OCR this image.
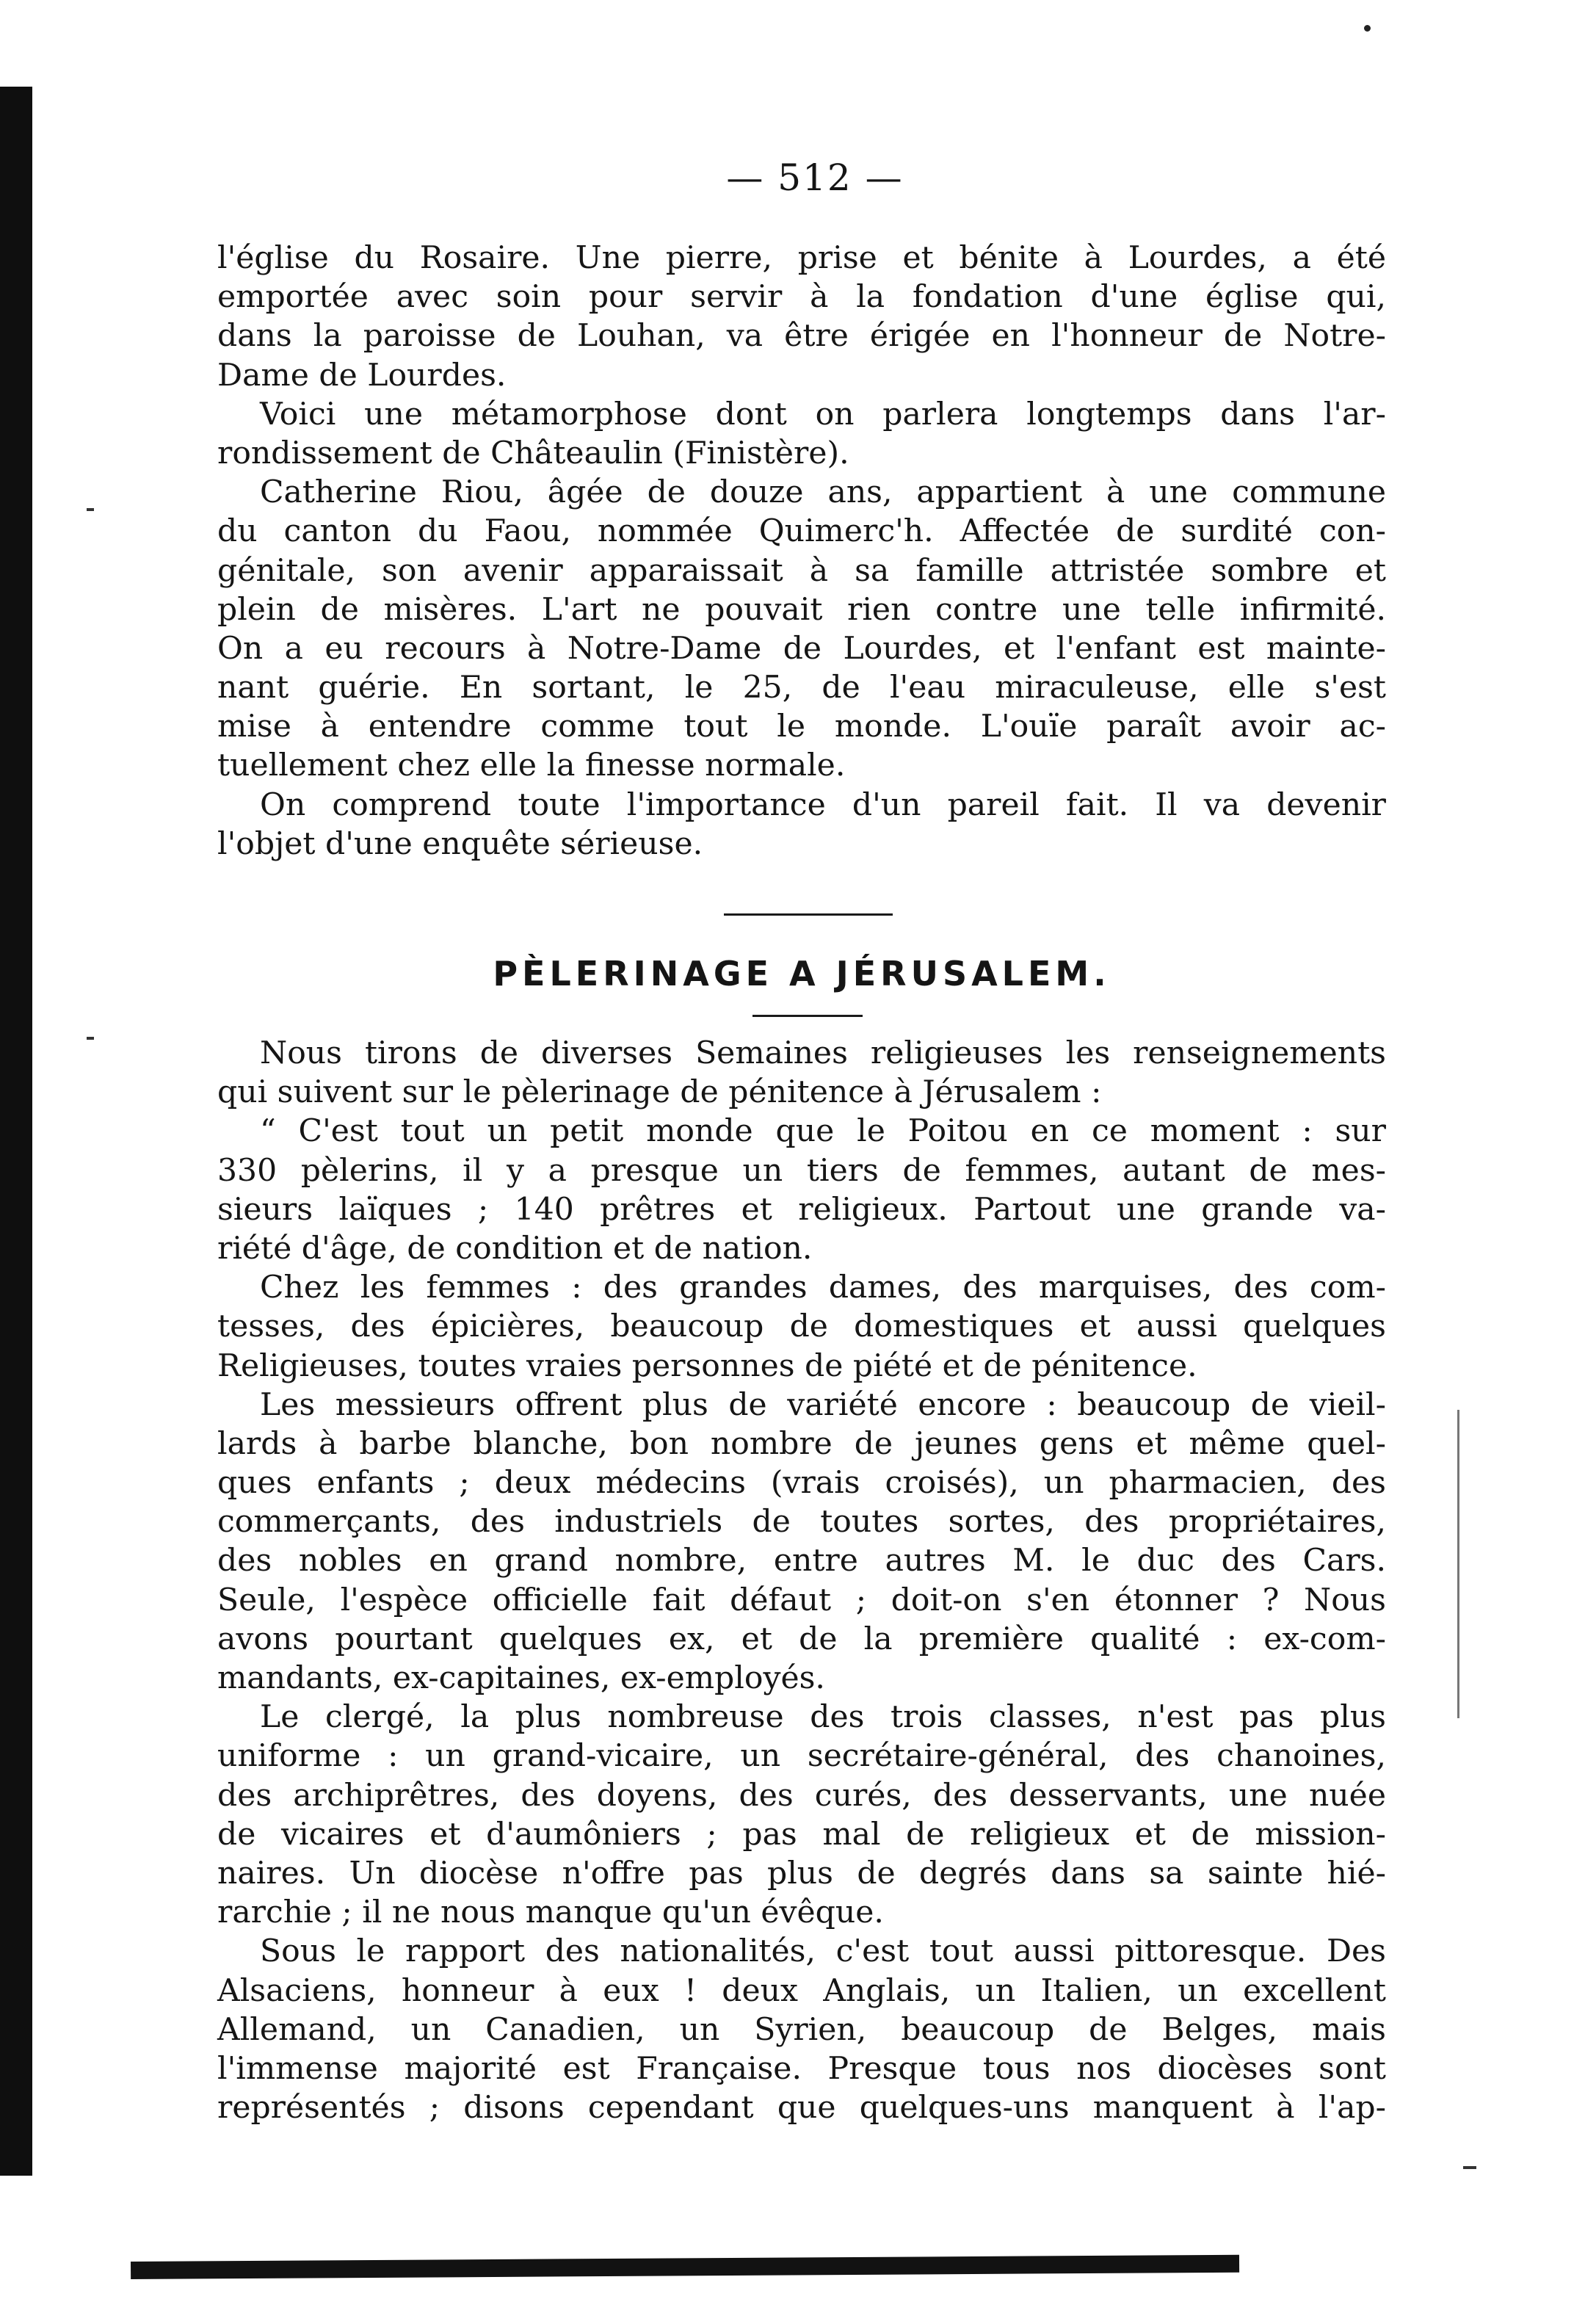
— 512 —
l'église du Rosaire. Une pierre, prise et bénite à Lourdes, a été
emportée avec soin pour servir à la fondation d'une église qui,
dans la paroisse de Louhan, va être érigée en l'honneur de Notre-
Dame de Lourdes.
Voici une métamorphose dont on parlera longtemps dans l'ar-
rondissement de Châteaulin (Finistère).
Catherine Riou, âgée de douze ans, appartient à une commune
du canton du Faou, nommée Quimerc'h. Affectée de surdité con-
génitale, son avenir apparaissait à sa famille attristée sombre et
plein de misères. L'art ne pouvait rien contre une telle infirmité.
On a eu recours à Notre-Dame de Lourdes, et l'enfant est mainte-
nant guérie. En sortant, le 25, de l'eau miraculeuse, elle s'est
mise à entendre comme tout le monde. L'ouïe paraît avoir ac-
tuellement chez elle la finesse normale.
On comprend toute l'importance d'un pareil fait. Il va devenir
l'objet d'une enquête sérieuse.
PÈLERINAGE A JÉRUSALEM.
Nous tirons de diverses Semaines religieuses les renseignements
qui suivent sur le pèlerinage de pénitence à Jérusalem :
“ C'est tout un petit monde que le Poitou en ce moment : sur
330 pèlerins, il y a presque un tiers de femmes, autant de mes-
sieurs laïques ; 140 prêtres et religieux. Partout une grande va-
riété d'âge, de condition et de nation.
Chez les femmes : des grandes dames, des marquises, des com-
tesses, des épicières, beaucoup de domestiques et aussi quelques
Religieuses, toutes vraies personnes de piété et de pénitence.
Les messieurs offrent plus de variété encore : beaucoup de vieil-
lards à barbe blanche, bon nombre de jeunes gens et même quel-
ques enfants ; deux médecins (vrais croisés), un pharmacien, des
commerçants, des industriels de toutes sortes, des propriétaires,
des nobles en grand nombre, entre autres M. le duc des Cars.
Seule, l'espèce officielle fait défaut ; doit-on s'en étonner ? Nous
avons pourtant quelques ex, et de la première qualité : ex-com-
mandants, ex-capitaines, ex-employés.
Le clergé, la plus nombreuse des trois classes, n'est pas plus
uniforme : un grand-vicaire, un secrétaire-général, des chanoines,
des archiprêtres, des doyens, des curés, des desservants, une nuée
de vicaires et d'aumôniers ; pas mal de religieux et de mission-
naires. Un diocèse n'offre pas plus de degrés dans sa sainte hié-
rarchie ; il ne nous manque qu'un évêque.
Sous le rapport des nationalités, c'est tout aussi pittoresque. Des
Alsaciens, honneur à eux ! deux Anglais, un Italien, un excellent
Allemand, un Canadien, un Syrien, beaucoup de Belges, mais
l'immense majorité est Française. Presque tous nos diocèses sont
représentés ; disons cependant que quelques-uns manquent à l'ap-
